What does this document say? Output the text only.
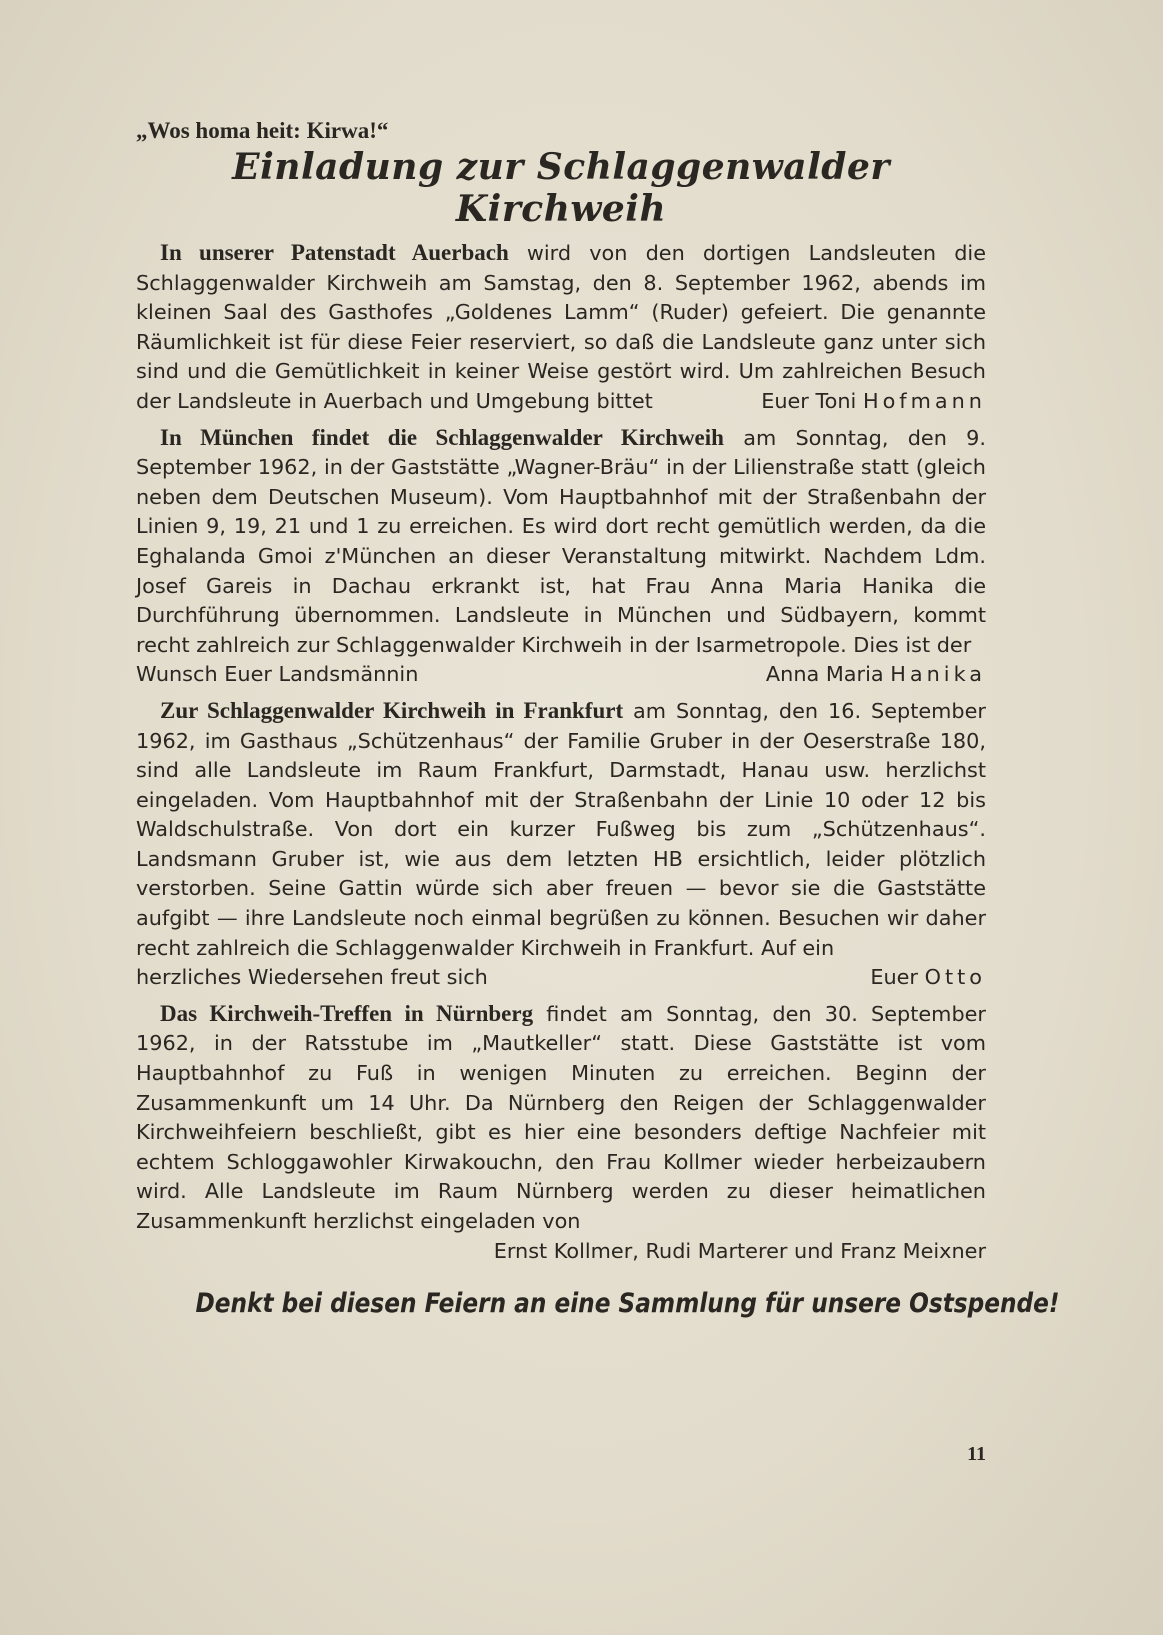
„Wos homa heit: Kirwa!“
Einladung zur Schlaggenwalder Kirchweih
In unserer Patenstadt Auerbach wird von den dortigen Landsleuten die Schlaggenwalder Kirchweih am Samstag, den 8. September 1962, abends im kleinen Saal des Gasthofes „Goldenes Lamm“ (Ruder) gefeiert. Die genannte Räumlichkeit ist für diese Feier reserviert, so daß die Landsleute ganz unter sich sind und die Gemütlichkeit in keiner Weise gestört wird. Um zahlreichen Besuch der Landsleute in Auerbach und Umgebung bittet	Euer Toni Hofmann
In München findet die Schlaggenwalder Kirchweih am Sonntag, den 9. September 1962, in der Gaststätte „Wagner-Bräu“ in der Lilienstraße statt (gleich neben dem Deutschen Museum). Vom Hauptbahnhof mit der Straßenbahn der Linien 9, 19, 21 und 1 zu erreichen. Es wird dort recht gemütlich werden, da die Eghalanda Gmoi z'München an dieser Veranstaltung mitwirkt. Nachdem Ldm. Josef Gareis in Dachau erkrankt ist, hat Frau Anna Maria Hanika die Durchführung übernommen. Landsleute in München und Südbayern, kommt recht zahlreich zur Schlaggenwalder Kirchweih in der Isarmetropole. Dies ist der
Wunsch Euer Landsmännin	Anna Maria Hanika
Zur Schlaggenwalder Kirchweih in Frankfurt am Sonntag, den 16. September 1962, im Gasthaus „Schützenhaus“ der Familie Gruber in der Oeserstraße 180, sind alle Landsleute im Raum Frankfurt, Darmstadt, Hanau usw. herzlichst eingeladen. Vom Hauptbahnhof mit der Straßenbahn der Linie 10 oder 12 bis Waldschulstraße. Von dort ein kurzer Fußweg bis zum „Schützenhaus“. Landsmann Gruber ist, wie aus dem letzten HB ersichtlich, leider plötzlich verstorben. Seine Gattin würde sich aber freuen — bevor sie die Gaststätte aufgibt — ihre Landsleute noch einmal begrüßen zu können. Besuchen wir daher recht zahlreich die Schlaggenwalder Kirchweih in Frankfurt. Auf ein
herzliches Wiedersehen freut sich	Euer Otto
Das Kirchweih-Treffen in Nürnberg findet am Sonntag, den 30. September 1962, in der Ratsstube im „Mautkeller“ statt. Diese Gaststätte ist vom Hauptbahnhof zu Fuß in wenigen Minuten zu erreichen. Beginn der Zusammenkunft um 14 Uhr. Da Nürnberg den Reigen der Schlaggenwalder Kirchweihfeiern beschließt, gibt es hier eine besonders deftige Nachfeier mit echtem Schloggawohler Kirwakouchn, den Frau Kollmer wieder herbeizaubern wird. Alle Landsleute im Raum Nürnberg werden zu dieser heimatlichen Zusammenkunft herzlichst eingeladen von
Ernst Kollmer, Rudi Marterer und Franz Meixner
Denkt bei diesen Feiern an eine Sammlung für unsere Ostspende!
11
